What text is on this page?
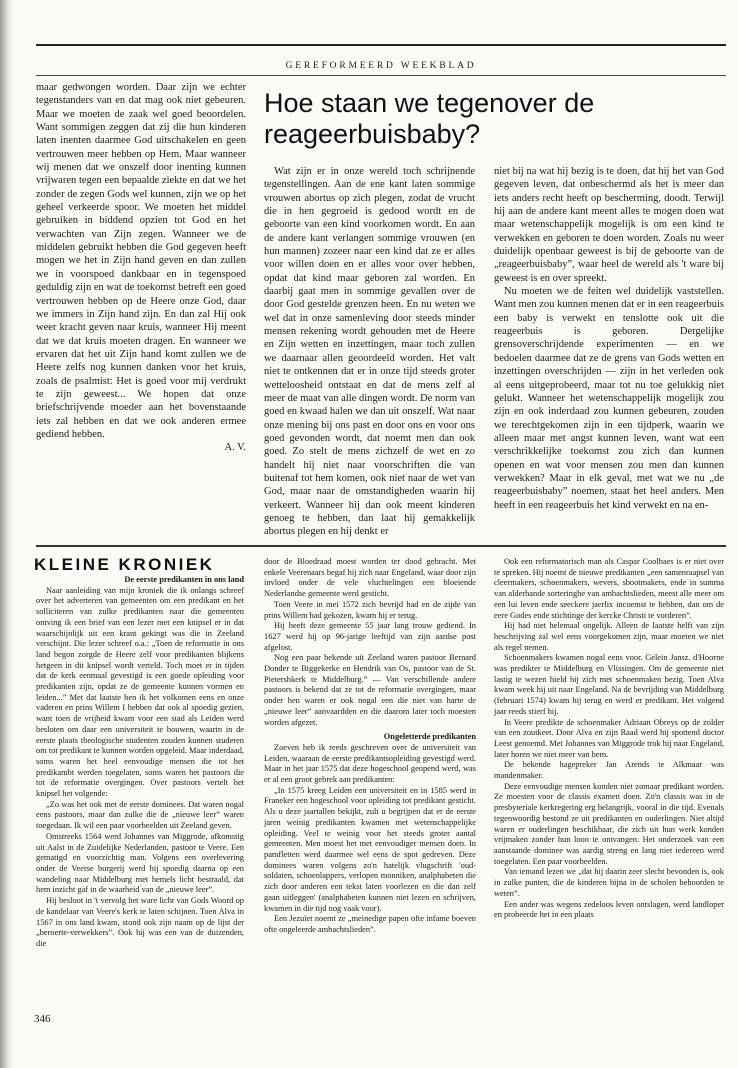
GEREFORMEERD WEEKBLAD

maar gedwongen worden. Daar zijn we echter tegenstanders van en dat mag ook niet gebeuren. Maar we moeten de zaak wel goed beoordelen. Want sommigen zeggen dat zij die hun kinderen laten inenten daarmee God uitschakelen en geen vertrouwen meer hebben op Hem. Maar wanneer wij menen dat we onszelf door inenting kunnen vrijwaren tegen een bepaalde ziekte en dat we het zonder de zegen Gods wel kunnen, zijn we op het geheel verkeerde spoor. We moeten het middel gebruiken in biddend opzien tot God en het verwachten van Zijn zegen. Wanneer we de middelen gebruikt hebben die God gegeven heeft mogen we het in Zijn hand geven en dan zullen we in voorspoed dankbaar en in tegenspoed geduldig zijn en wat de toekomst betreft een goed vertrouwen hebben op de Heere onze God, daar we immers in Zijn hand zijn. En dan zal Hij ook weer kracht geven naar kruis, wanneer Hij meent dat we dat kruis moeten dragen. En wanneer we ervaren dat het uit Zijn hand komt zullen we de Heere zelfs nog kunnen danken voor het kruis, zoals de psalmist: Het is goed voor mij verdrukt te zijn geweest... We hopen dat onze briefschrijvende moeder aan het bovenstaande iets zal hebben en dat we ook anderen ermee gediend hebben.

A. V.

Hoe staan we tegenover de
reageerbuisbaby?

Wat zijn er in onze wereld toch schrijnende tegenstellingen. Aan de ene kant laten sommige vrouwen abortus op zich plegen, zodat de vrucht die in hen gegroeid is gedood wordt en de geboorte van een kind voorkomen wordt. En aan de andere kant verlangen sommige vrouwen (en hun mannen) zozeer naar een kind dat ze er alles voor willen doen en er alles voor over hebben, opdat dat kind maar geboren zal worden. En daarbij gaat men in sommige gevallen over de door God gestelde grenzen heen. En nu weten we wel dat in onze samenleving door steeds minder mensen rekening wordt gehouden met de Heere en Zijn wetten en inzettingen, maar toch zullen we daarnaar allen geoordeeld worden. Het valt niet te ontkennen dat er in onze tijd steeds groter wetteloosheid ontstaat en dat de mens zelf al meer de maat van alle dingen wordt. De norm van goed en kwaad halen we dan uit onszelf. Wat naar onze mening bij ons past en door ons en voor ons goed gevonden wordt, dat noemt men dan ook goed. Zo stelt de mens zichzelf de wet en zo handelt hij niet naar voorschriften die van buitenaf tot hem komen, ook niet naar de wet van God, maar naar de omstandigheden waarin hij verkeert. Wanneer hij dan ook meent kinderen genoeg te hebben, dan laat hij gemakkelijk abortus plegen en hij denkt er

niet bij na wat hij bezig is te doen, dat hij het van God gegeven leven, dat onbeschermd als het is meer dan iets anders recht heeft op bescherming, doodt. Terwijl hij aan de andere kant meent alles te mogen doen wat maar wetenschappelijk mogelijk is om een kind te verwekken en geboren te doen worden. Zoals nu weer duidelijk openbaar geweest is bij de geboorte van de „reageerbuisbaby”, waar heel de wereld als 't ware bij geweest is en over spreekt.

Nu moeten we de feiten wel duidelijk vaststellen. Want men zou kunnen menen dat er in een reageerbuis een baby is verwekt en tenslotte ook uit die reageerbuis is geboren. Dergelijke grensoverschrijdende experimenten — en we bedoelen daarmee dat ze de grens van Gods wetten en inzettingen overschrijden — zijn in het verleden ook al eens uitgeprobeerd, maar tot nu toe gelukkig niet gelukt. Wanneer het wetenschappelijk mogelijk zou zijn en ook inderdaad zou kunnen gebeuren, zouden we terechtgekomen zijn in een tijdperk, waarin we alleen maar met angst kunnen leven, want wat een verschrikkelijke toekomst zou zich dan kunnen openen en wat voor mensen zou men dan kunnen verwekken? Maar in elk geval, met wat we nu „de reageerbuisbaby” noemen, staat het heel anders. Men heeft in een reageerbuis het kind verwekt en na en-

KLEINE KRONIEK

De eerste predikanten in ons land

Naar aanleiding van mijn kroniek die ik onlangs schreef over het adverteren van gemeenten om een predikant en het solliciteren van zulke predikanten naar die gemeenten ontving ik een brief van een lezer met een knipsel er in dat waarschijnlijk uit een krant gekingt was die in Zeeland verschijnt. Die lezer schreef o.a.: „Toen de reformatie in ons land begon zorgde de Heere zelf voor predikanten blijkens hetgeen in dit knipsel wordt verteld. Toch moet er in tijden dat de kerk eenmaal gevestigd is een goede opleiding voor predikanten zijn, opdat ze de gemeente kunnen vormen en leiden...” Met dat laatste ben ik het volkomen eens en onze vaderen en prins Willem I hebben dat ook al spoedig gezien, want toen de vrijheid kwam voor een stad als Leiden werd besloten om daar een universiteit te bouwen, waarin in de eerste plaats theologische studenten zouden kunnen studeren om tot predikant te kunnen worden opgeleid. Maar inderdaad, soms waren het heel eenvoudige mensen die tot het predikambt werden toegelaten, soms waren het pastoors die tot de reformatie overgingen. Over pastoors vertelt het knipsel het volgende:

„Zo was het ook met de eerste dominees. Dat waren nogal eens pastoors, maar dan zulke die de „nieuwe leer” waren toegedaan. Ik wil een paar voorbeelden uit Zeeland geven.

Omstreeks 1564 werd Johannes van Miggrode, afkomstig uit Aalst in de Zuidelijke Nederlanden, pastoor te Veere. Een gematigd en voorzichtig man. Volgens een overlevering onder de Veerse burgerij werd hij spoedig daarna op een wandeling naar Middelburg met hemels licht bestraald, dat hem inzicht gaf in de waarheid van de „nieuwe leer”.

Hij besloot in 't vervolg het ware licht van Gods Woord op de kandelaar van Veere's kerk te laten schijnen. Toen Alva in 1567 in ons land kwam, stond ook zijn naam op de lijst der „beroerte-verwekkers”. Ook hij was een van de duizenden, die

door de Bloedraad moest worden ter dood gebracht. Met enkele Veerenaars begaf hij zich naar Engeland, waar door zijn invloed onder de vele vluchtelingen een bloeiende Nederlandse gemeente werd gesticht.

Toen Veere in mei 1572 zich bevrijd had en de zijde van prins Willem had gekozen, kwam hij er terug.

Hij heeft deze gemeente 55 jaar lang trouw gediend. In 1627 werd hij op 96-jarige leeftijd van zijn aardse post afgelost.

Nog een paar bekende uit Zeeland waren pastoor Bernard Donder te Biggekerke en Hendrik van Os, pastoor van de St. Pietershkerk te Middelburg.” — Van verschillende andere pastoors is bekend dat ze tot de reformatie overgingen, maar onder hen waren er ook nogal een die niet van harte de „nieuwe leer” aanvaardden en die daarom later toch moesten worden afgezet.

Ongeletterde predikanten

Zoeven heb ik reeds geschreven over de universiteit van Leiden, waaraan de eerste predikantsopleiding gevestigd werd. Maar in het jaar 1575 dat deze hogeschool geopend werd, was er al een groot gebrek aan predikanten:

„In 1575 kreeg Leiden een universiteit en in 1585 werd in Franeker een hogeschool voor opleiding tot predikant gesticht. Als u deze jaartallen bekijkt, zult u begrijpen dat er de eerste jaren weinig predikanten kwamen met wetenschappelijke opleiding. Veel te weinig voor het steeds groter aantal gemeenten. Men moest het met eenvoudiger mensen doen. In pamfletten werd daarmee wel eens de spot gedreven. Deze dominees waren volgens zo'n hatelijk vlugschrift 'oud-soldaten, schoenlappers, verlopen monniken, analphabeten die zich door anderen een tekst laten voorlezen en die dan zelf gaan uitleggen' (analphabeten kunnen niet lezen en schrijven, kwamen in die tijd nog vaak voor).

Een Jezuïet noemt ze „meinedige papen ofte infame boeven ofte ongeleerde ambachtslieden”.

Ook een reformatorisch man als Caspar Coolhaes is er niet over te spreken. Hij noemt de nieuwe predikanten „een samenraapsel van cleermakers, schoenmakers, wevers, sbootmakers, ende in summa van alderhande sorteringhe van ambachtslieden, meest alle meer om een lui leven ende seeckere jaerlix incoemst te hebben, dan om de eere Godes ende stichtinge der kercke Christi te vorderen”.

Hij had niet helemaal ongelijk. Alleen de laatste helft van zijn beschrijving zal wel eens voorgekomen zijn, maar moeten we niet als regel nemen.

Schoenmakers kwamen nogal eens voor. Gelein Jansz. d'Hoorne was predikter te Middelburg en Vlissingen. Om de gemeente niet lastig te wezen hield hij zich met schoenmaken bezig. Toen Alva kwam week hij uit naar Engeland. Na de bevrijding van Middelburg (februari 1574) kwam hij terug en werd er predikant. Het volgend jaar reeds stierf hij.

In Veere predikte de schoenmaker Adriaan Obreys op de zolder van een zoutkeet. Door Alva en zijn Raad werd hij spottend doctor Leest genoemd. Met Johannes van Miggrode trok hij naar Engeland, later horen we niet meer van hem.

De bekende hagepreker Jan Arends te Alkmaar was mandenmaker.

Deze eenvoudige mensen konden niet zomaar predikant worden. Ze moesten voor de classis examen doen. Zo'n classis was in de presbyteriale kerkregering erg belangrijk, vooral in die tijd. Evenals tegenwoordig bestond ze uit predikanten en ouderlingen. Niet altijd waren er ouderlingen beschikbaar, die zich uit hun werk konden vrijmaken zonder hun loon te ontvangen. Het onderzoek van een aanstaande dominee was aardig streng en lang niet iedereen werd toegelaten. Een paar voorbeelden.

Van iemand lezen we „dat hij daarin zeer slecht bevonden is, ook in zulke punten, die de kinderen bijna in de scholen behoorden te weten”.

Een ander was wegens zedeloos leven ontslagen, werd landloper en probeerde het in een plaats

346
